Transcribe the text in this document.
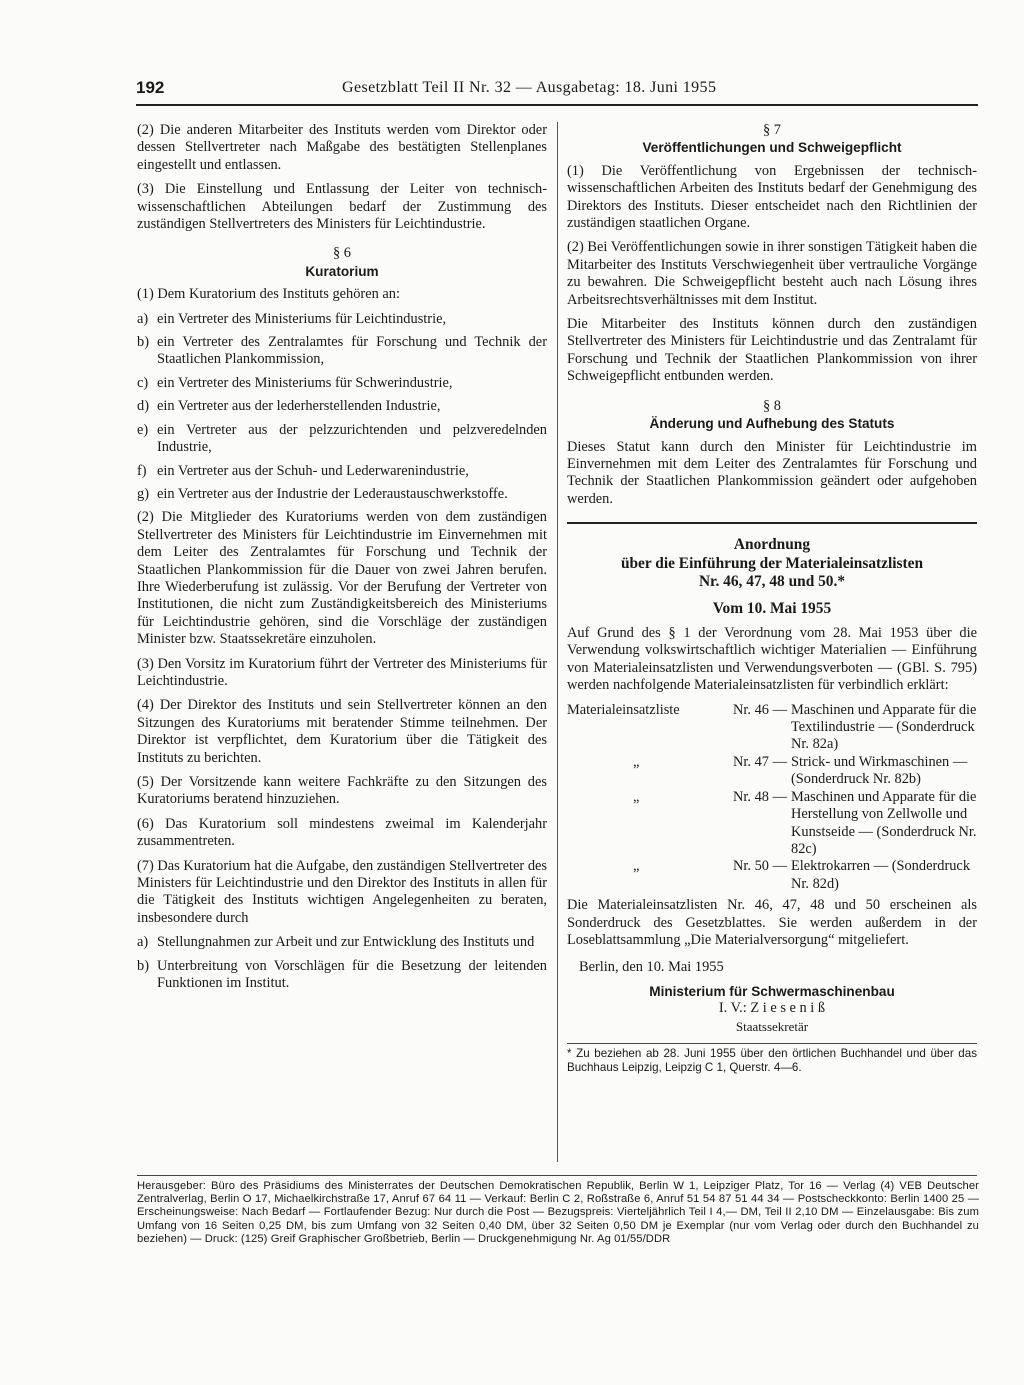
192	Gesetzblatt Teil II Nr. 32 — Ausgabetag: 18. Juni 1955

(2) Die anderen Mitarbeiter des Instituts werden vom Direktor oder dessen Stellvertreter nach Maßgabe des bestätigten Stellenplanes eingestellt und entlassen.

(3) Die Einstellung und Entlassung der Leiter von technisch-wissenschaftlichen Abteilungen bedarf der Zustimmung des zuständigen Stellvertreters des Ministers für Leichtindustrie.

§ 6
Kuratorium

(1) Dem Kuratorium des Instituts gehören an:

a) ein Vertreter des Ministeriums für Leichtindustrie,
b) ein Vertreter des Zentralamtes für Forschung und Technik der Staatlichen Plankommission,
c) ein Vertreter des Ministeriums für Schwerindustrie,
d) ein Vertreter aus der lederherstellenden Industrie,
e) ein Vertreter aus der pelzzurichtenden und pelzveredelnden Industrie,
f) ein Vertreter aus der Schuh- und Lederwarenindustrie,
g) ein Vertreter aus der Industrie der Lederaustauschwerkstoffe.

(2) Die Mitglieder des Kuratoriums werden von dem zuständigen Stellvertreter des Ministers für Leichtindustrie im Einvernehmen mit dem Leiter des Zentralamtes für Forschung und Technik der Staatlichen Plankommission für die Dauer von zwei Jahren berufen. Ihre Wiederberufung ist zulässig. Vor der Berufung der Vertreter von Institutionen, die nicht zum Zuständigkeitsbereich des Ministeriums für Leichtindustrie gehören, sind die Vorschläge der zuständigen Minister bzw. Staatssekretäre einzuholen.

(3) Den Vorsitz im Kuratorium führt der Vertreter des Ministeriums für Leichtindustrie.

(4) Der Direktor des Instituts und sein Stellvertreter können an den Sitzungen des Kuratoriums mit beratender Stimme teilnehmen. Der Direktor ist verpflichtet, dem Kuratorium über die Tätigkeit des Instituts zu berichten.

(5) Der Vorsitzende kann weitere Fachkräfte zu den Sitzungen des Kuratoriums beratend hinzuziehen.

(6) Das Kuratorium soll mindestens zweimal im Kalenderjahr zusammentreten.

(7) Das Kuratorium hat die Aufgabe, den zuständigen Stellvertreter des Ministers für Leichtindustrie und den Direktor des Instituts in allen für die Tätigkeit des Instituts wichtigen Angelegenheiten zu beraten, insbesondere durch

a) Stellungnahmen zur Arbeit und zur Entwicklung des Instituts und
b) Unterbreitung von Vorschlägen für die Besetzung der leitenden Funktionen im Institut.
§ 7
Veröffentlichungen und Schweigepflicht

(1) Die Veröffentlichung von Ergebnissen der technisch-wissenschaftlichen Arbeiten des Instituts bedarf der Genehmigung des Direktors des Instituts. Dieser entscheidet nach den Richtlinien der zuständigen staatlichen Organe.

(2) Bei Veröffentlichungen sowie in ihrer sonstigen Tätigkeit haben die Mitarbeiter des Instituts Verschwiegenheit über vertrauliche Vorgänge zu bewahren. Die Schweigepflicht besteht auch nach Lösung ihres Arbeitsrechtsverhältnisses mit dem Institut.

Die Mitarbeiter des Instituts können durch den zuständigen Stellvertreter des Ministers für Leichtindustrie und das Zentralamt für Forschung und Technik der Staatlichen Plankommission von ihrer Schweigepflicht entbunden werden.

§ 8
Änderung und Aufhebung des Statuts

Dieses Statut kann durch den Minister für Leichtindustrie im Einvernehmen mit dem Leiter des Zentralamtes für Forschung und Technik der Staatlichen Plankommission geändert oder aufgehoben werden.

Anordnung
über die Einführung der Materialeinsatzlisten
Nr. 46, 47, 48 und 50.*
Vom 10. Mai 1955

Auf Grund des § 1 der Verordnung vom 28. Mai 1953 über die Verwendung volkswirtschaftlich wichtiger Materialien — Einführung von Materialeinsatzlisten und Verwendungsverboten — (GBl. S. 795) werden nachfolgende Materialeinsatzlisten für verbindlich erklärt:

Materialeinsatzliste	Nr. 46 —	Maschinen und Apparate für die Textilindustrie — (Sonderdruck Nr. 82a)
„	Nr. 47 —	Strick- und Wirkmaschinen — (Sonderdruck Nr. 82b)
„	Nr. 48 —	Maschinen und Apparate für die Herstellung von Zellwolle und Kunstseide — (Sonderdruck Nr. 82c)
„	Nr. 50 —	Elektrokarren — (Sonderdruck Nr. 82d)

Die Materialeinsatzlisten Nr. 46, 47, 48 und 50 erscheinen als Sonderdruck des Gesetzblattes. Sie werden außerdem in der Loseblattsammlung „Die Materialversorgung“ mitgeliefert.

Berlin, den 10. Mai 1955
Ministerium für Schwermaschinenbau
I. V.: Z i e s e n i ß
Staatssekretär
* Zu beziehen ab 28. Juni 1955 über den örtlichen Buchhandel und über das Buchhaus Leipzig, Leipzig C 1, Querstr. 4—6.
Herausgeber: Büro des Präsidiums des Ministerrates der Deutschen Demokratischen Republik, Berlin W 1, Leipziger Platz, Tor 16 — Verlag (4) VEB Deutscher Zentralverlag, Berlin O 17, Michaelkirchstraße 17, Anruf 67 64 11 — Verkauf: Berlin C 2, Roßstraße 6, Anruf 51 54 87 51 44 34 — Postscheckkonto: Berlin 1400 25 — Erscheinungsweise: Nach Bedarf — Fortlaufender Bezug: Nur durch die Post — Bezugspreis: Vierteljährlich Teil I 4,— DM, Teil II 2,10 DM — Einzelausgabe: Bis zum Umfang von 16 Seiten 0,25 DM, bis zum Umfang von 32 Seiten 0,40 DM, über 32 Seiten 0,50 DM je Exemplar (nur vom Verlag oder durch den Buchhandel zu beziehen) — Druck: (125) Greif Graphischer Großbetrieb, Berlin — Druckgenehmigung Nr. Ag 01/55/DDR
